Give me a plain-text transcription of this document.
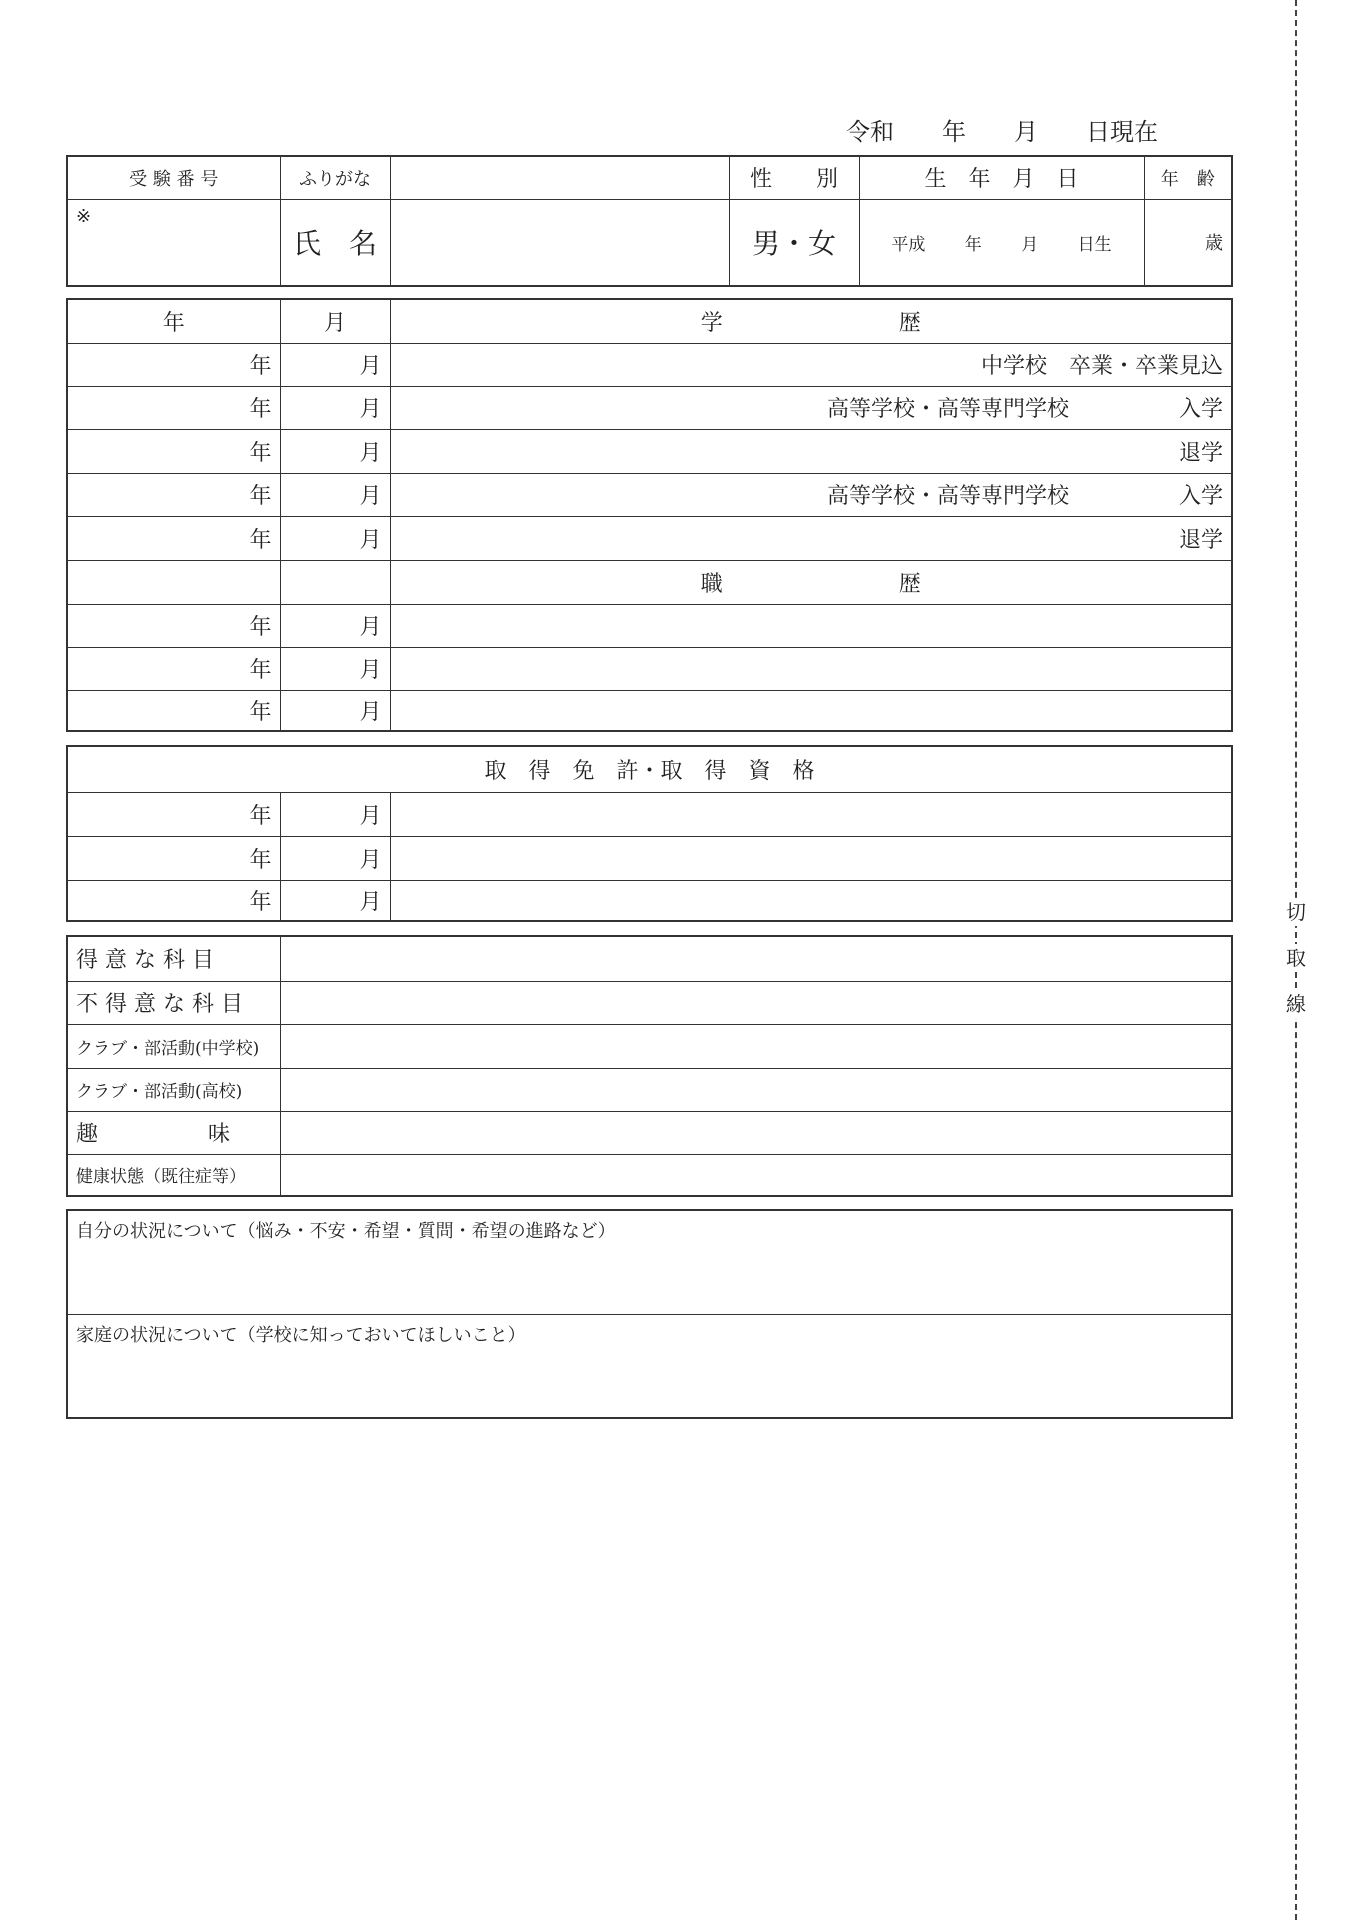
切
取
線
令和　　年　　月　　日現在
受 験 番 号	ふりがな		性　　別	生　年　月　日	年　齢
※	氏　名		男・女	平成　　 年　　 月　　 日生	歳
年	月	学　　　　　　　　歴
年	月	中学校　卒業・卒業見込
年	月	高等学校・高等専門学校　　　　　入学
年	月	退学
年	月	高等学校・高等専門学校　　　　　入学
年	月	退学
		職　　　　　　　　歴
年	月	
年	月	
年	月	
取　得　免　許・取　得　資　格		
年	月	
年	月	
年	月	
得 意 な 科 目	
不 得 意 な 科 目	
クラブ・部活動(中学校)	
クラブ・部活動(高校)	
趣　　　　　味	
健康状態（既往症等）	
自分の状況について（悩み・不安・希望・質問・希望の進路など）
家庭の状況について（学校に知っておいてほしいこと）
